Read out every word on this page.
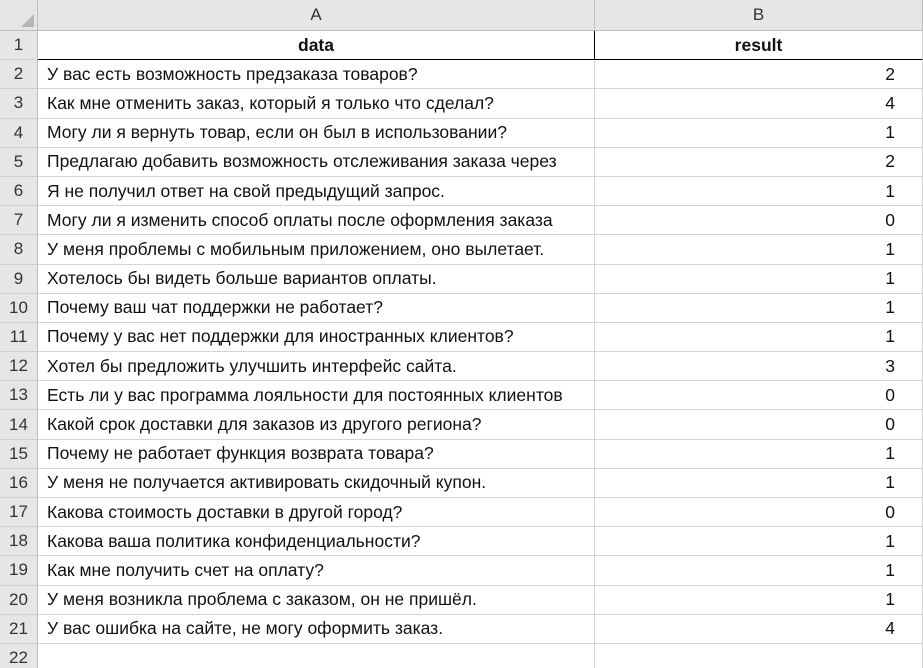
A	B
1	data	result
2	У вас есть возможность предзаказа товаров?	2
3	Как мне отменить заказ, который я только что сделал?	4
4	Могу ли я вернуть товар, если он был в использовании?	1
5	Предлагаю добавить возможность отслеживания заказа через	2
6	Я не получил ответ на свой предыдущий запрос.	1
7	Могу ли я изменить способ оплаты после оформления заказа	0
8	У меня проблемы с мобильным приложением, оно вылетает.	1
9	Хотелось бы видеть больше вариантов оплаты.	1
10	Почему ваш чат поддержки не работает?	1
11	Почему у вас нет поддержки для иностранных клиентов?	1
12	Хотел бы предложить улучшить интерфейс сайта.	3
13	Есть ли у вас программа лояльности для постоянных клиентов	0
14	Какой срок доставки для заказов из другого региона?	0
15	Почему не работает функция возврата товара?	1
16	У меня не получается активировать скидочный купон.	1
17	Какова стоимость доставки в другой город?	0
18	Какова ваша политика конфиденциальности?	1
19	Как мне получить счет на оплату?	1
20	У меня возникла проблема с заказом, он не пришёл.	1
21	У вас ошибка на сайте, не могу оформить заказ.	4
22
